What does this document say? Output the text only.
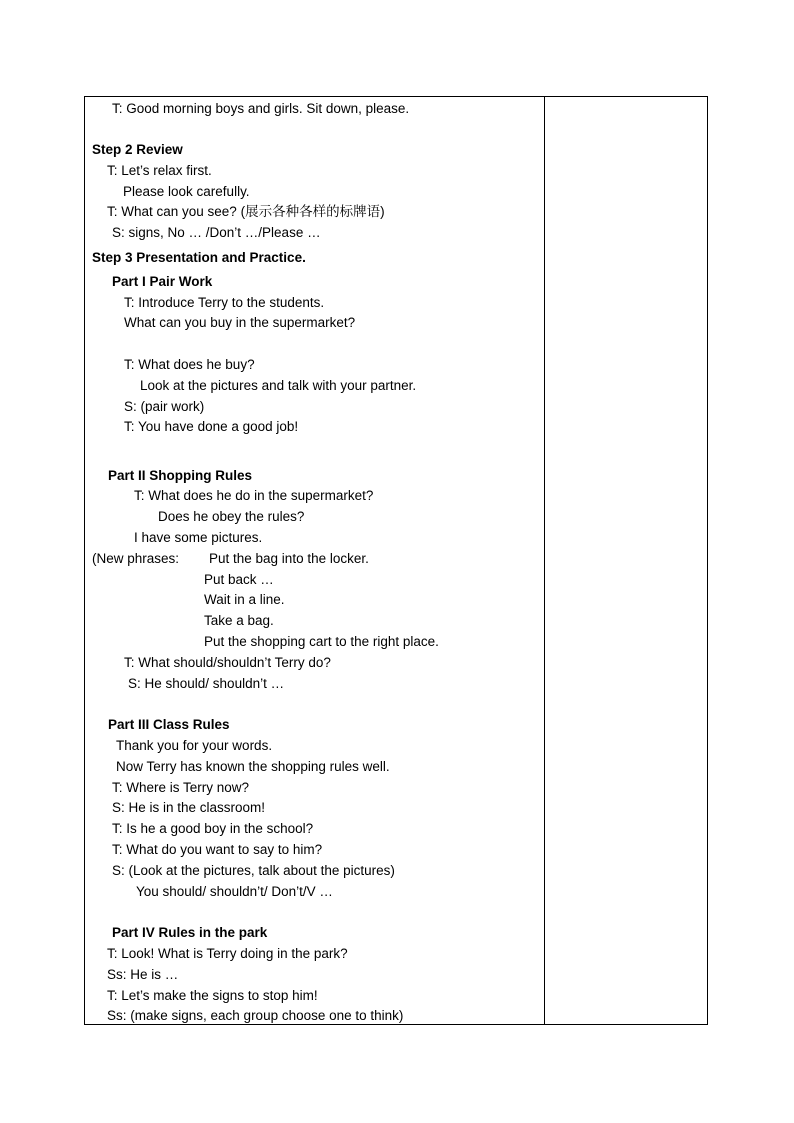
T: Good morning boys and girls. Sit down, please.
Step 2 Review
T: Let’s relax first.
Please look carefully.
T: What can you see? (展示各种各样的标牌语)
S: signs, No … /Don’t …/Please …
Step 3 Presentation and Practice.
Part I Pair Work
T: Introduce Terry to the students.
What can you buy in the supermarket?
T: What does he buy?
Look at the pictures and talk with your partner.
S: (pair work)
T: You have done a good job!
Part II Shopping Rules
T: What does he do in the supermarket?
Does he obey the rules?
I have some pictures.
(New phrases: Put the bag into the locker.
Put back …
Wait in a line.
Take a bag.
Put the shopping cart to the right place.
T: What should/shouldn’t Terry do?
S: He should/ shouldn’t …
Part III Class Rules
Thank you for your words.
Now Terry has known the shopping rules well.
T: Where is Terry now?
S: He is in the classroom!
T: Is he a good boy in the school?
T: What do you want to say to him?
S: (Look at the pictures, talk about the pictures)
You should/ shouldn’t/ Don’t/V …
Part IV Rules in the park
T: Look! What is Terry doing in the park?
Ss: He is …
T: Let’s make the signs to stop him!
Ss: (make signs, each group choose one to think)
